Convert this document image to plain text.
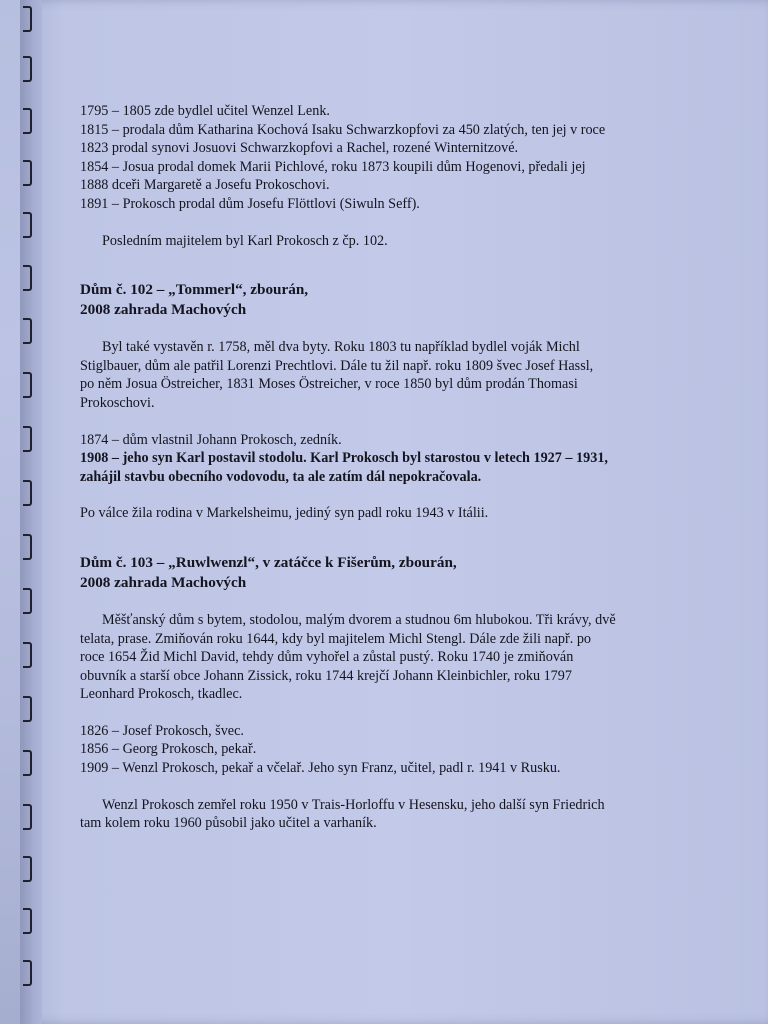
1795 – 1805 zde bydlel učitel Wenzel Lenk.
1815 – prodala dům Katharina Kochová Isaku Schwarzkopfovi za 450 zlatých, ten jej v roce
1823 prodal synovi Josuovi Schwarzkopfovi a Rachel, rozené Winternitzové.
1854 – Josua prodal domek Marii Pichlové, roku 1873 koupili dům Hogenovi, předali jej
1888 dceři Margaretě a Josefu Prokoschovi.
1891 – Prokosch prodal dům Josefu Flöttlovi (Siwuln Seff).
Posledním majitelem byl Karl Prokosch z čp. 102.
Dům č. 102 – „Tommerl“, zbourán,
2008 zahrada Machových
Byl také vystavěn r. 1758, měl dva byty. Roku 1803 tu například bydlel voják Michl
Stiglbauer, dům ale patřil Lorenzi Prechtlovi. Dále tu žil např. roku 1809 švec Josef Hassl,
po něm Josua Östreicher, 1831 Moses Östreicher, v roce 1850 byl dům prodán Thomasi
Prokoschovi.
1874 – dům vlastnil Johann Prokosch, zedník.
1908 – jeho syn Karl postavil stodolu. Karl Prokosch byl starostou v letech 1927 – 1931,
zahájil stavbu obecního vodovodu, ta ale zatím dál nepokračovala.
Po válce žila rodina v Markelsheimu, jediný syn padl roku 1943 v Itálii.
Dům č. 103 – „Ruwlwenzl“, v zatáčce k Fišerům, zbourán,
2008 zahrada Machových
Měšťanský dům s bytem, stodolou, malým dvorem a studnou 6m hlubokou. Tři krávy, dvě
telata, prase. Zmiňován roku 1644, kdy byl majitelem Michl Stengl. Dále zde žili např. po
roce 1654 Žid Michl David, tehdy dům vyhořel a zůstal pustý. Roku 1740 je zmiňován
obuvník a starší obce Johann Zissick, roku 1744 krejčí Johann Kleinbichler, roku 1797
Leonhard Prokosch, tkadlec.
1826 – Josef Prokosch, švec.
1856 – Georg Prokosch, pekař.
1909 – Wenzl Prokosch, pekař a včelař. Jeho syn Franz, učitel, padl r. 1941 v Rusku.
Wenzl Prokosch zemřel roku 1950 v Trais-Horloffu v Hesensku, jeho další syn Friedrich
tam kolem roku 1960 působil jako učitel a varhaník.
